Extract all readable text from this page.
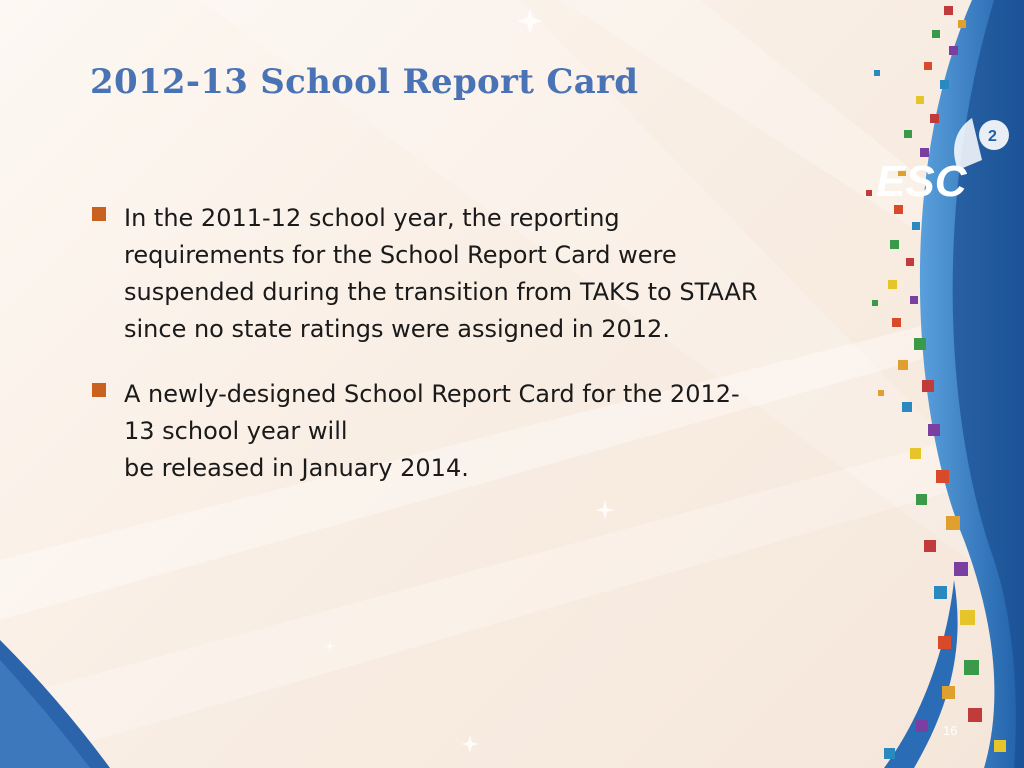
2
ESC
2012-13 School Report Card
In the 2011-12 school year, the reporting
requirements for the School Report Card were
suspended during the transition from TAKS to STAAR
since no state ratings were assigned in 2012.
A newly-designed School Report Card for the 2012-
13 school year will
be released in January 2014.
16
